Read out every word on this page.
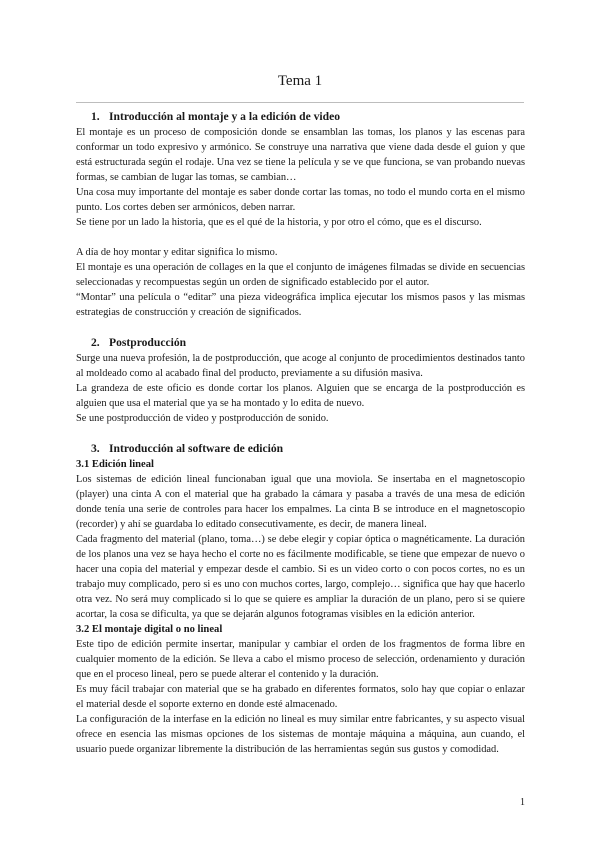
Tema 1
1. Introducción al montaje y a la edición de video

El montaje es un proceso de composición donde se ensamblan las tomas, los planos y las escenas para conformar un todo expresivo y armónico. Se construye una narrativa que viene dada desde el guion y que está estructurada según el rodaje. Una vez se tiene la película y se ve que funciona, se van probando nuevas formas, se cambian de lugar las tomas, se cambian…

Una cosa muy importante del montaje es saber donde cortar las tomas, no todo el mundo corta en el mismo punto. Los cortes deben ser armónicos, deben narrar.

Se tiene por un lado la historia, que es el qué de la historia, y por otro el cómo, que es el discurso.

A día de hoy montar y editar significa lo mismo.

El montaje es una operación de collages en la que el conjunto de imágenes filmadas se divide en secuencias seleccionadas y recompuestas según un orden de significado establecido por el autor.

“Montar” una película o “editar” una pieza videográfica implica ejecutar los mismos pasos y las mismas estrategias de construcción y creación de significados.

2. Postproducción

Surge una nueva profesión, la de postproducción, que acoge al conjunto de procedimientos destinados tanto al moldeado como al acabado final del producto, previamente a su difusión masiva.

La grandeza de este oficio es donde cortar los planos. Alguien que se encarga de la postproducción es alguien que usa el material que ya se ha montado y lo edita de nuevo.

Se une postproducción de video y postproducción de sonido.

3. Introducción al software de edición
3.1 Edición lineal

Los sistemas de edición lineal funcionaban igual que una moviola. Se insertaba en el magnetoscopio (player) una cinta A con el material que ha grabado la cámara y pasaba a través de una mesa de edición donde tenía una serie de controles para hacer los empalmes. La cinta B se introduce en el magnetoscopio (recorder) y ahí se guardaba lo editado consecutivamente, es decir, de manera lineal.

Cada fragmento del material (plano, toma…) se debe elegir y copiar óptica o magnéticamente. La duración de los planos una vez se haya hecho el corte no es fácilmente modificable, se tiene que empezar de nuevo o hacer una copia del material y empezar desde el cambio. Si es un video corto o con pocos cortes, no es un trabajo muy complicado, pero si es uno con muchos cortes, largo, complejo… significa que hay que hacerlo otra vez. No será muy complicado si lo que se quiere es ampliar la duración de un plano, pero si se quiere acortar, la cosa se dificulta, ya que se dejarán algunos fotogramas visibles en la edición anterior.

3.2 El montaje digital o no lineal

Este tipo de edición permite insertar, manipular y cambiar el orden de los fragmentos de forma libre en cualquier momento de la edición. Se lleva a cabo el mismo proceso de selección, ordenamiento y duración que en el proceso lineal, pero se puede alterar el contenido y la duración.

Es muy fácil trabajar con material que se ha grabado en diferentes formatos, solo hay que copiar o enlazar el material desde el soporte externo en donde esté almacenado.

La configuración de la interfase en la edición no lineal es muy similar entre fabricantes, y su aspecto visual ofrece en esencia las mismas opciones de los sistemas de montaje máquina a máquina, aun cuando, el usuario puede organizar libremente la distribución de las herramientas según sus gustos y comodidad.

1
